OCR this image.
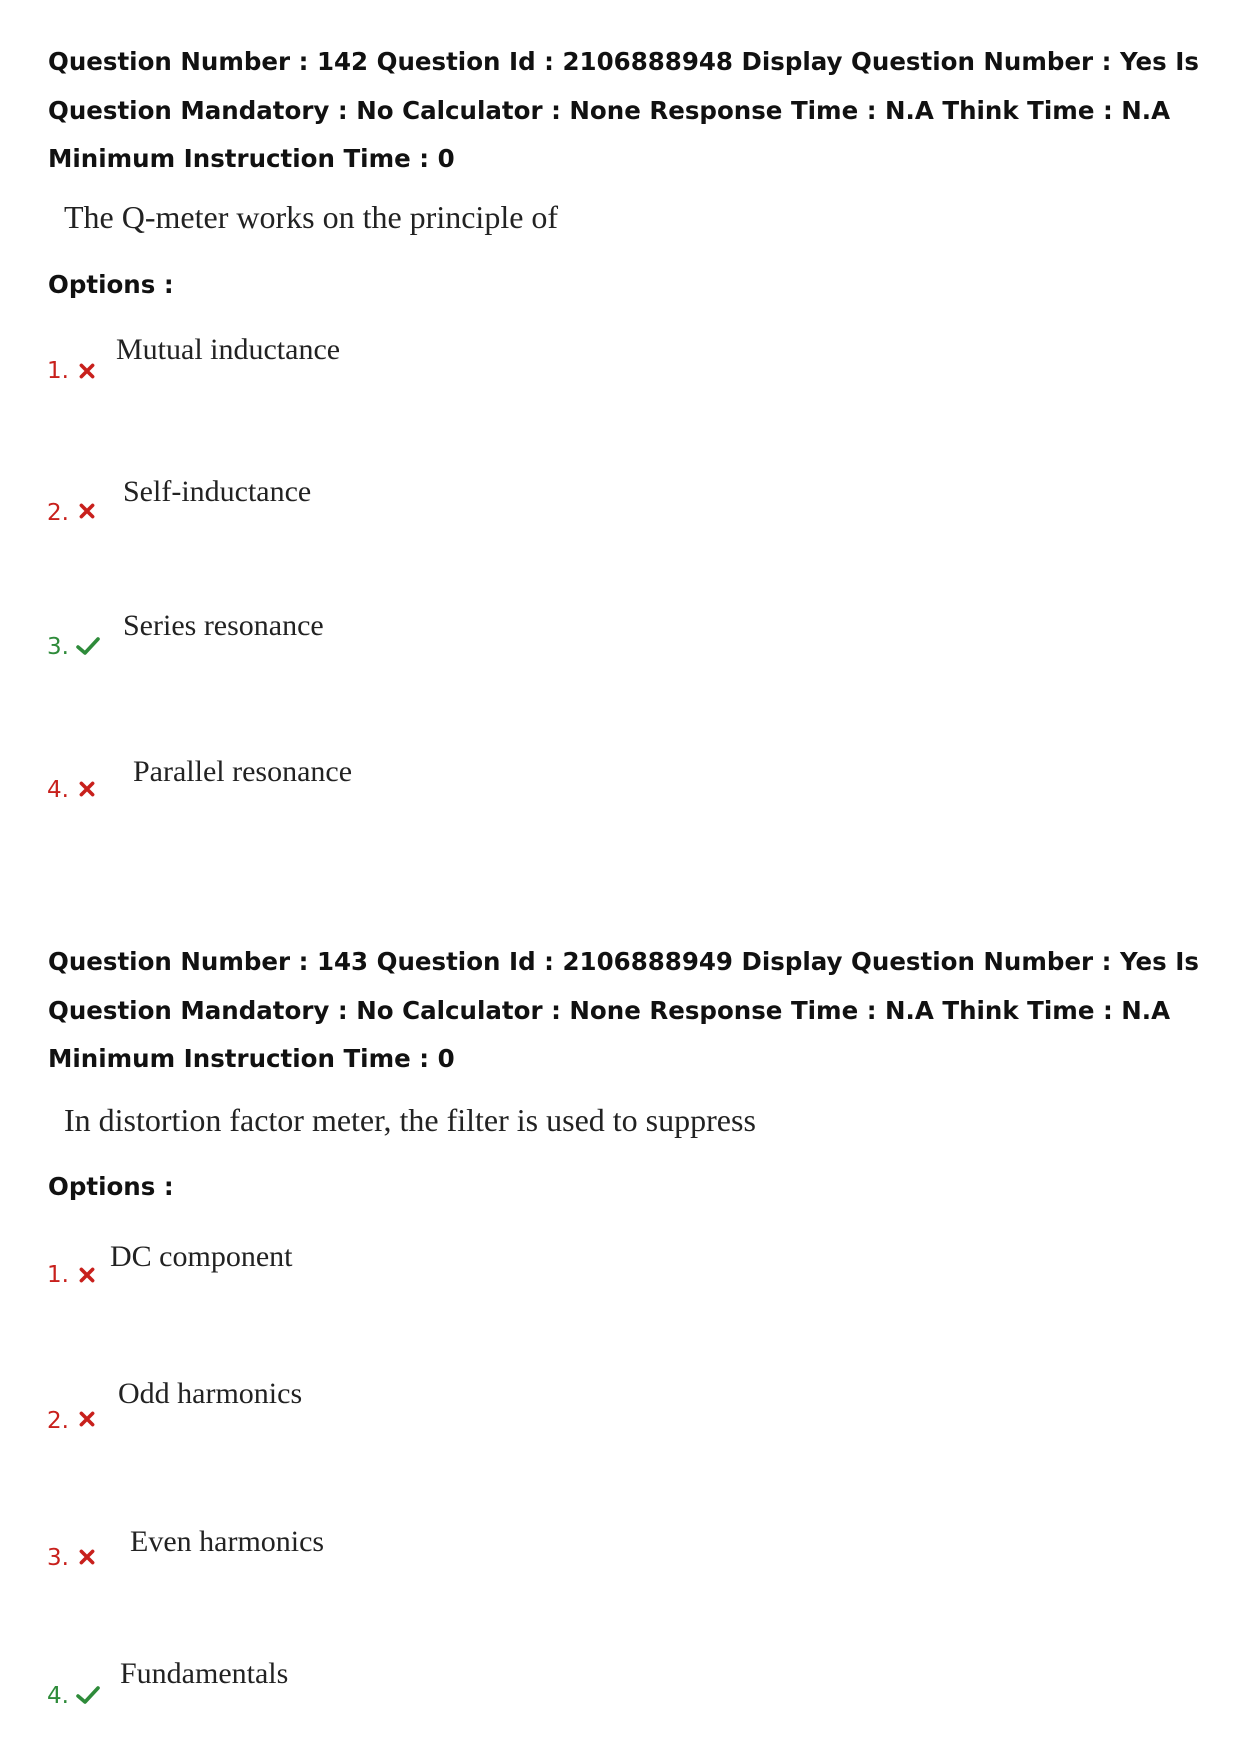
Question Number : 142 Question Id : 2106888948 Display Question Number : Yes Is Question Mandatory : No Calculator : None Response Time : N.A Think Time : N.A Minimum Instruction Time : 0

The Q-meter works on the principle of

Options :

1.
Mutual inductance
2.
Self-inductance
3.
Series resonance
4.
Parallel resonance

Question Number : 143 Question Id : 2106888949 Display Question Number : Yes Is Question Mandatory : No Calculator : None Response Time : N.A Think Time : N.A Minimum Instruction Time : 0

In distortion factor meter, the filter is used to suppress

Options :

1.
DC component
2.
Odd harmonics
3. Even harmonics
4.
Fundamentals
